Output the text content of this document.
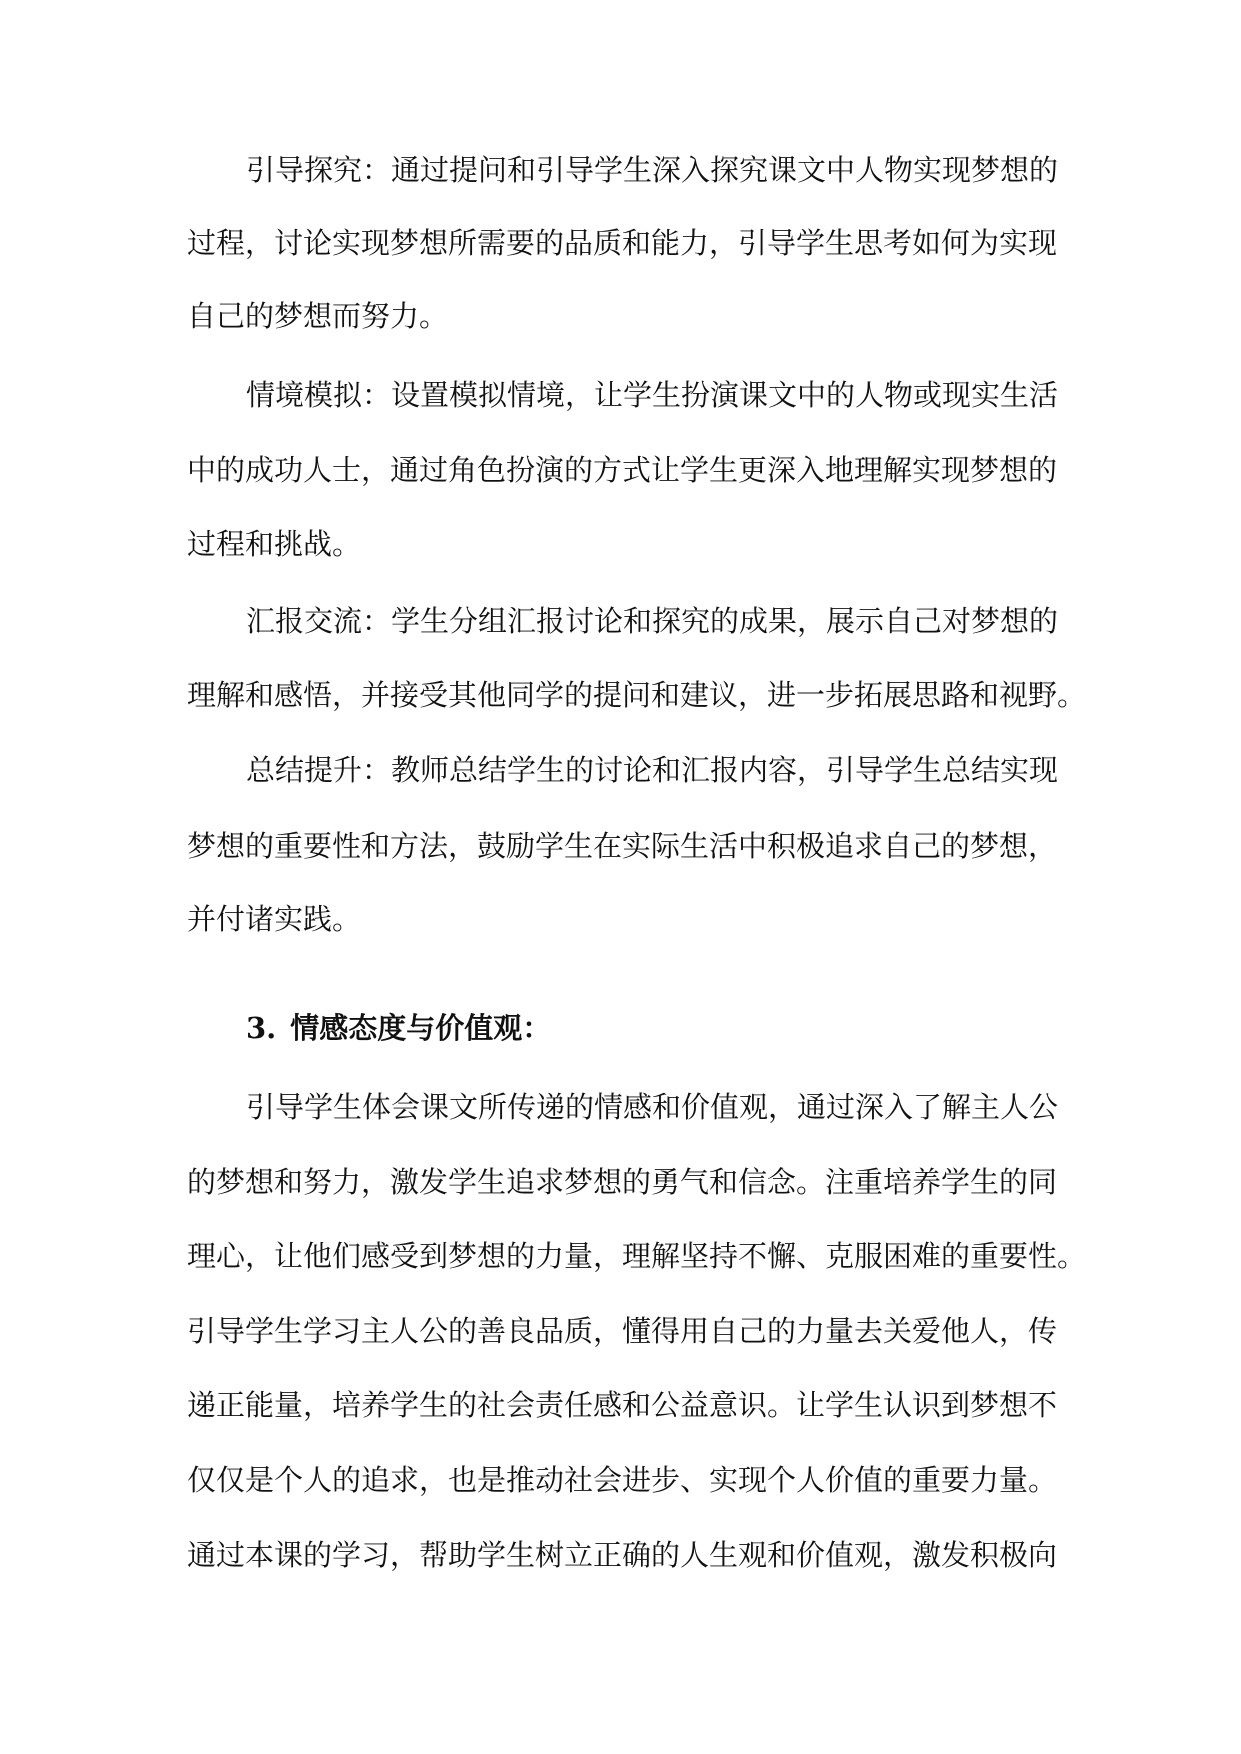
引导探究：通过提问和引导学生深入探究课文中人物实现梦想的
过程，讨论实现梦想所需要的品质和能力，引导学生思考如何为实现
自己的梦想而努力。
情境模拟：设置模拟情境，让学生扮演课文中的人物或现实生活
中的成功人士，通过角色扮演的方式让学生更深入地理解实现梦想的
过程和挑战。
汇报交流：学生分组汇报讨论和探究的成果，展示自己对梦想的
理解和感悟，并接受其他同学的提问和建议，进一步拓展思路和视野。
总结提升：教师总结学生的讨论和汇报内容，引导学生总结实现
梦想的重要性和方法，鼓励学生在实际生活中积极追求自己的梦想，
并付诸实践。
3. 情感态度与价值观：
引导学生体会课文所传递的情感和价值观，通过深入了解主人公
的梦想和努力，激发学生追求梦想的勇气和信念。注重培养学生的同
理心，让他们感受到梦想的力量，理解坚持不懈、克服困难的重要性。
引导学生学习主人公的善良品质，懂得用自己的力量去关爱他人，传
递正能量，培养学生的社会责任感和公益意识。让学生认识到梦想不
仅仅是个人的追求，也是推动社会进步、实现个人价值的重要力量。
通过本课的学习，帮助学生树立正确的人生观和价值观，激发积极向
